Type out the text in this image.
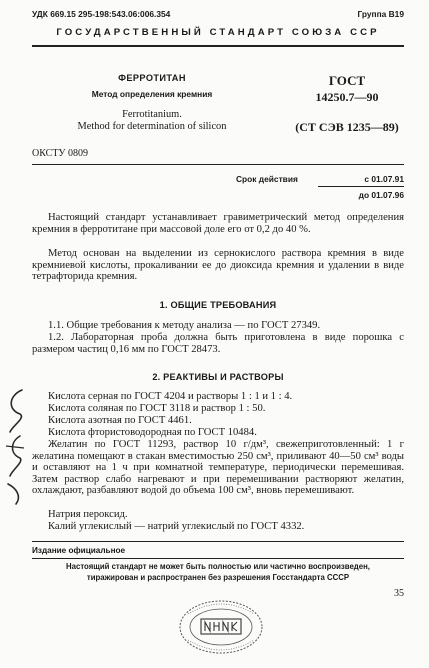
УДК 669.15 295-198:543.06:006.354	Группа В19
ГОСУДАРСТВЕННЫЙ СТАНДАРТ СОЮЗА ССР
ФЕРРОТИТАН
Метод определения кремния
Ferrotitanium.
Method for determination of silicon
ГОСТ
14250.7—90
(СТ СЭВ 1235—89)
ОКСТУ 0809
Срок действия	с 01.07.91
до 01.07.96
Настоящий стандарт устанавливает гравиметрический метод определения кремния в ферротитане при массовой доле его от 0,2 до 40 %.
Метод основан на выделении из сернокислого раствора кремния в виде кремниевой кислоты, прокаливании ее до диоксида кремния и удалении в виде тетрафторида кремния.
1. ОБЩИЕ ТРЕБОВАНИЯ
1.1. Общие требования к методу анализа — по ГОСТ 27349.
1.2. Лабораторная проба должна быть приготовлена в виде порошка с размером частиц 0,16 мм по ГОСТ 28473.
2. РЕАКТИВЫ И РАСТВОРЫ
Кислота серная по ГОСТ 4204 и растворы 1 : 1 и 1 : 4.
Кислота соляная по ГОСТ 3118 и раствор 1 : 50.
Кислота азотная по ГОСТ 4461.
Кислота фтористоводородная по ГОСТ 10484.
Желатин по ГОСТ 11293, раствор 10 г/дм³, свежеприготовленный: 1 г желатина помещают в стакан вместимостью 250 см³, приливают 40—50 см³ воды и оставляют на 1 ч при комнатной температуре, периодически перемешивая. Затем раствор слабо нагревают и при перемешивании растворяют желатин, охлаждают, разбавляют водой до объема 100 см³, вновь перемешивают.
Натрия пероксид.
Калий углекислый — натрий углекислый по ГОСТ 4332.
Издание официальное
Настоящий стандарт не может быть полностью или частично воспроизведен,
тиражирован и распространен без разрешения Госстандарта СССР
35
